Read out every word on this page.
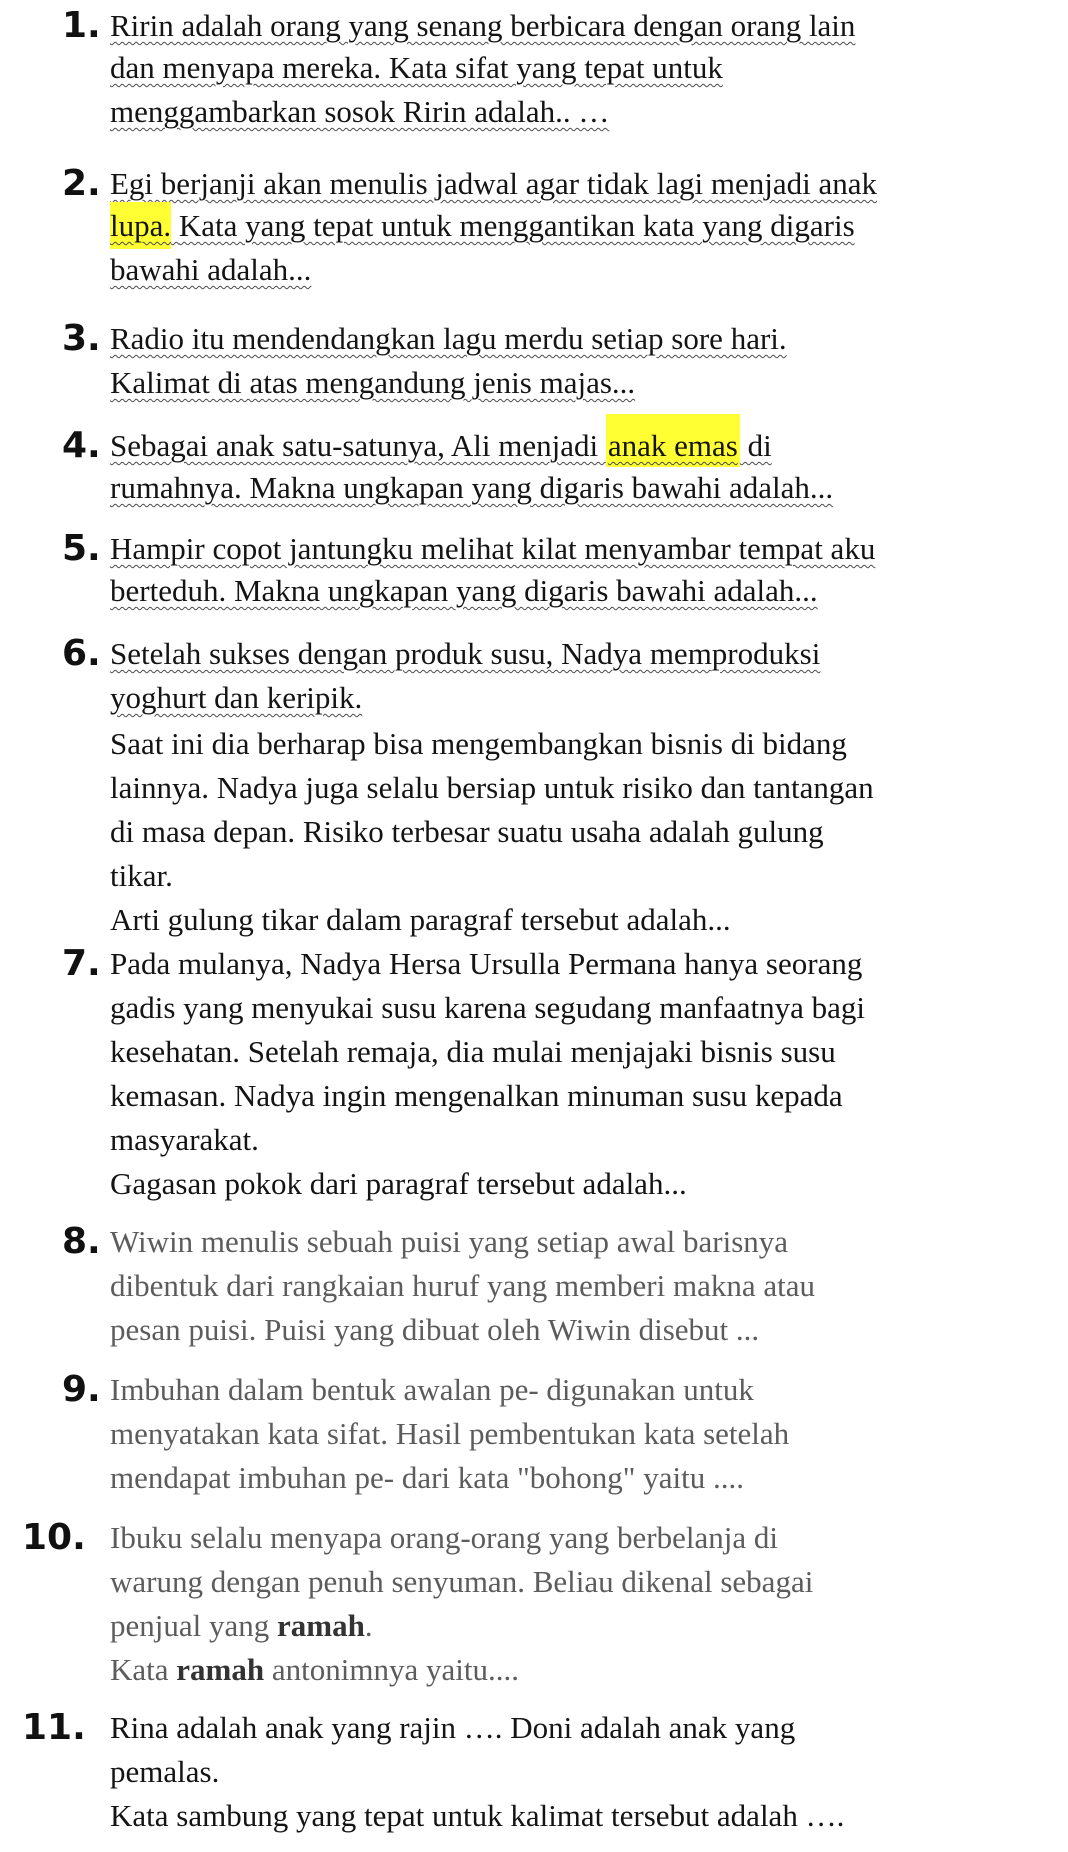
1. Ririn adalah orang yang senang berbicara dengan orang lain
dan menyapa mereka. Kata sifat yang tepat untuk
menggambarkan sosok Ririn adalah.. …
2. Egi berjanji akan menulis jadwal agar tidak lagi menjadi anak
lupa. Kata yang tepat untuk menggantikan kata yang digaris
bawahi adalah...
3. Radio itu mendendangkan lagu merdu setiap sore hari.
Kalimat di atas mengandung jenis majas...
4. Sebagai anak satu-satunya, Ali menjadi anak emas di
rumahnya. Makna ungkapan yang digaris bawahi adalah...
5. Hampir copot jantungku melihat kilat menyambar tempat aku
berteduh. Makna ungkapan yang digaris bawahi adalah...
6. Setelah sukses dengan produk susu, Nadya memproduksi
yoghurt dan keripik.
Saat ini dia berharap bisa mengembangkan bisnis di bidang
lainnya. Nadya juga selalu bersiap untuk risiko dan tantangan
di masa depan. Risiko terbesar suatu usaha adalah gulung
tikar.
Arti gulung tikar dalam paragraf tersebut adalah...
7. Pada mulanya, Nadya Hersa Ursulla Permana hanya seorang
gadis yang menyukai susu karena segudang manfaatnya bagi
kesehatan. Setelah remaja, dia mulai menjajaki bisnis susu
kemasan. Nadya ingin mengenalkan minuman susu kepada
masyarakat.
Gagasan pokok dari paragraf tersebut adalah...
8. Wiwin menulis sebuah puisi yang setiap awal barisnya
dibentuk dari rangkaian huruf yang memberi makna atau
pesan puisi. Puisi yang dibuat oleh Wiwin disebut ...
9. Imbuhan dalam bentuk awalan pe- digunakan untuk
menyatakan kata sifat. Hasil pembentukan kata setelah
mendapat imbuhan pe- dari kata "bohong" yaitu ....
10. Ibuku selalu menyapa orang-orang yang berbelanja di
warung dengan penuh senyuman. Beliau dikenal sebagai
penjual yang ramah.
Kata ramah antonimnya yaitu....
11. Rina adalah anak yang rajin …. Doni adalah anak yang
pemalas.
Kata sambung yang tepat untuk kalimat tersebut adalah ….
